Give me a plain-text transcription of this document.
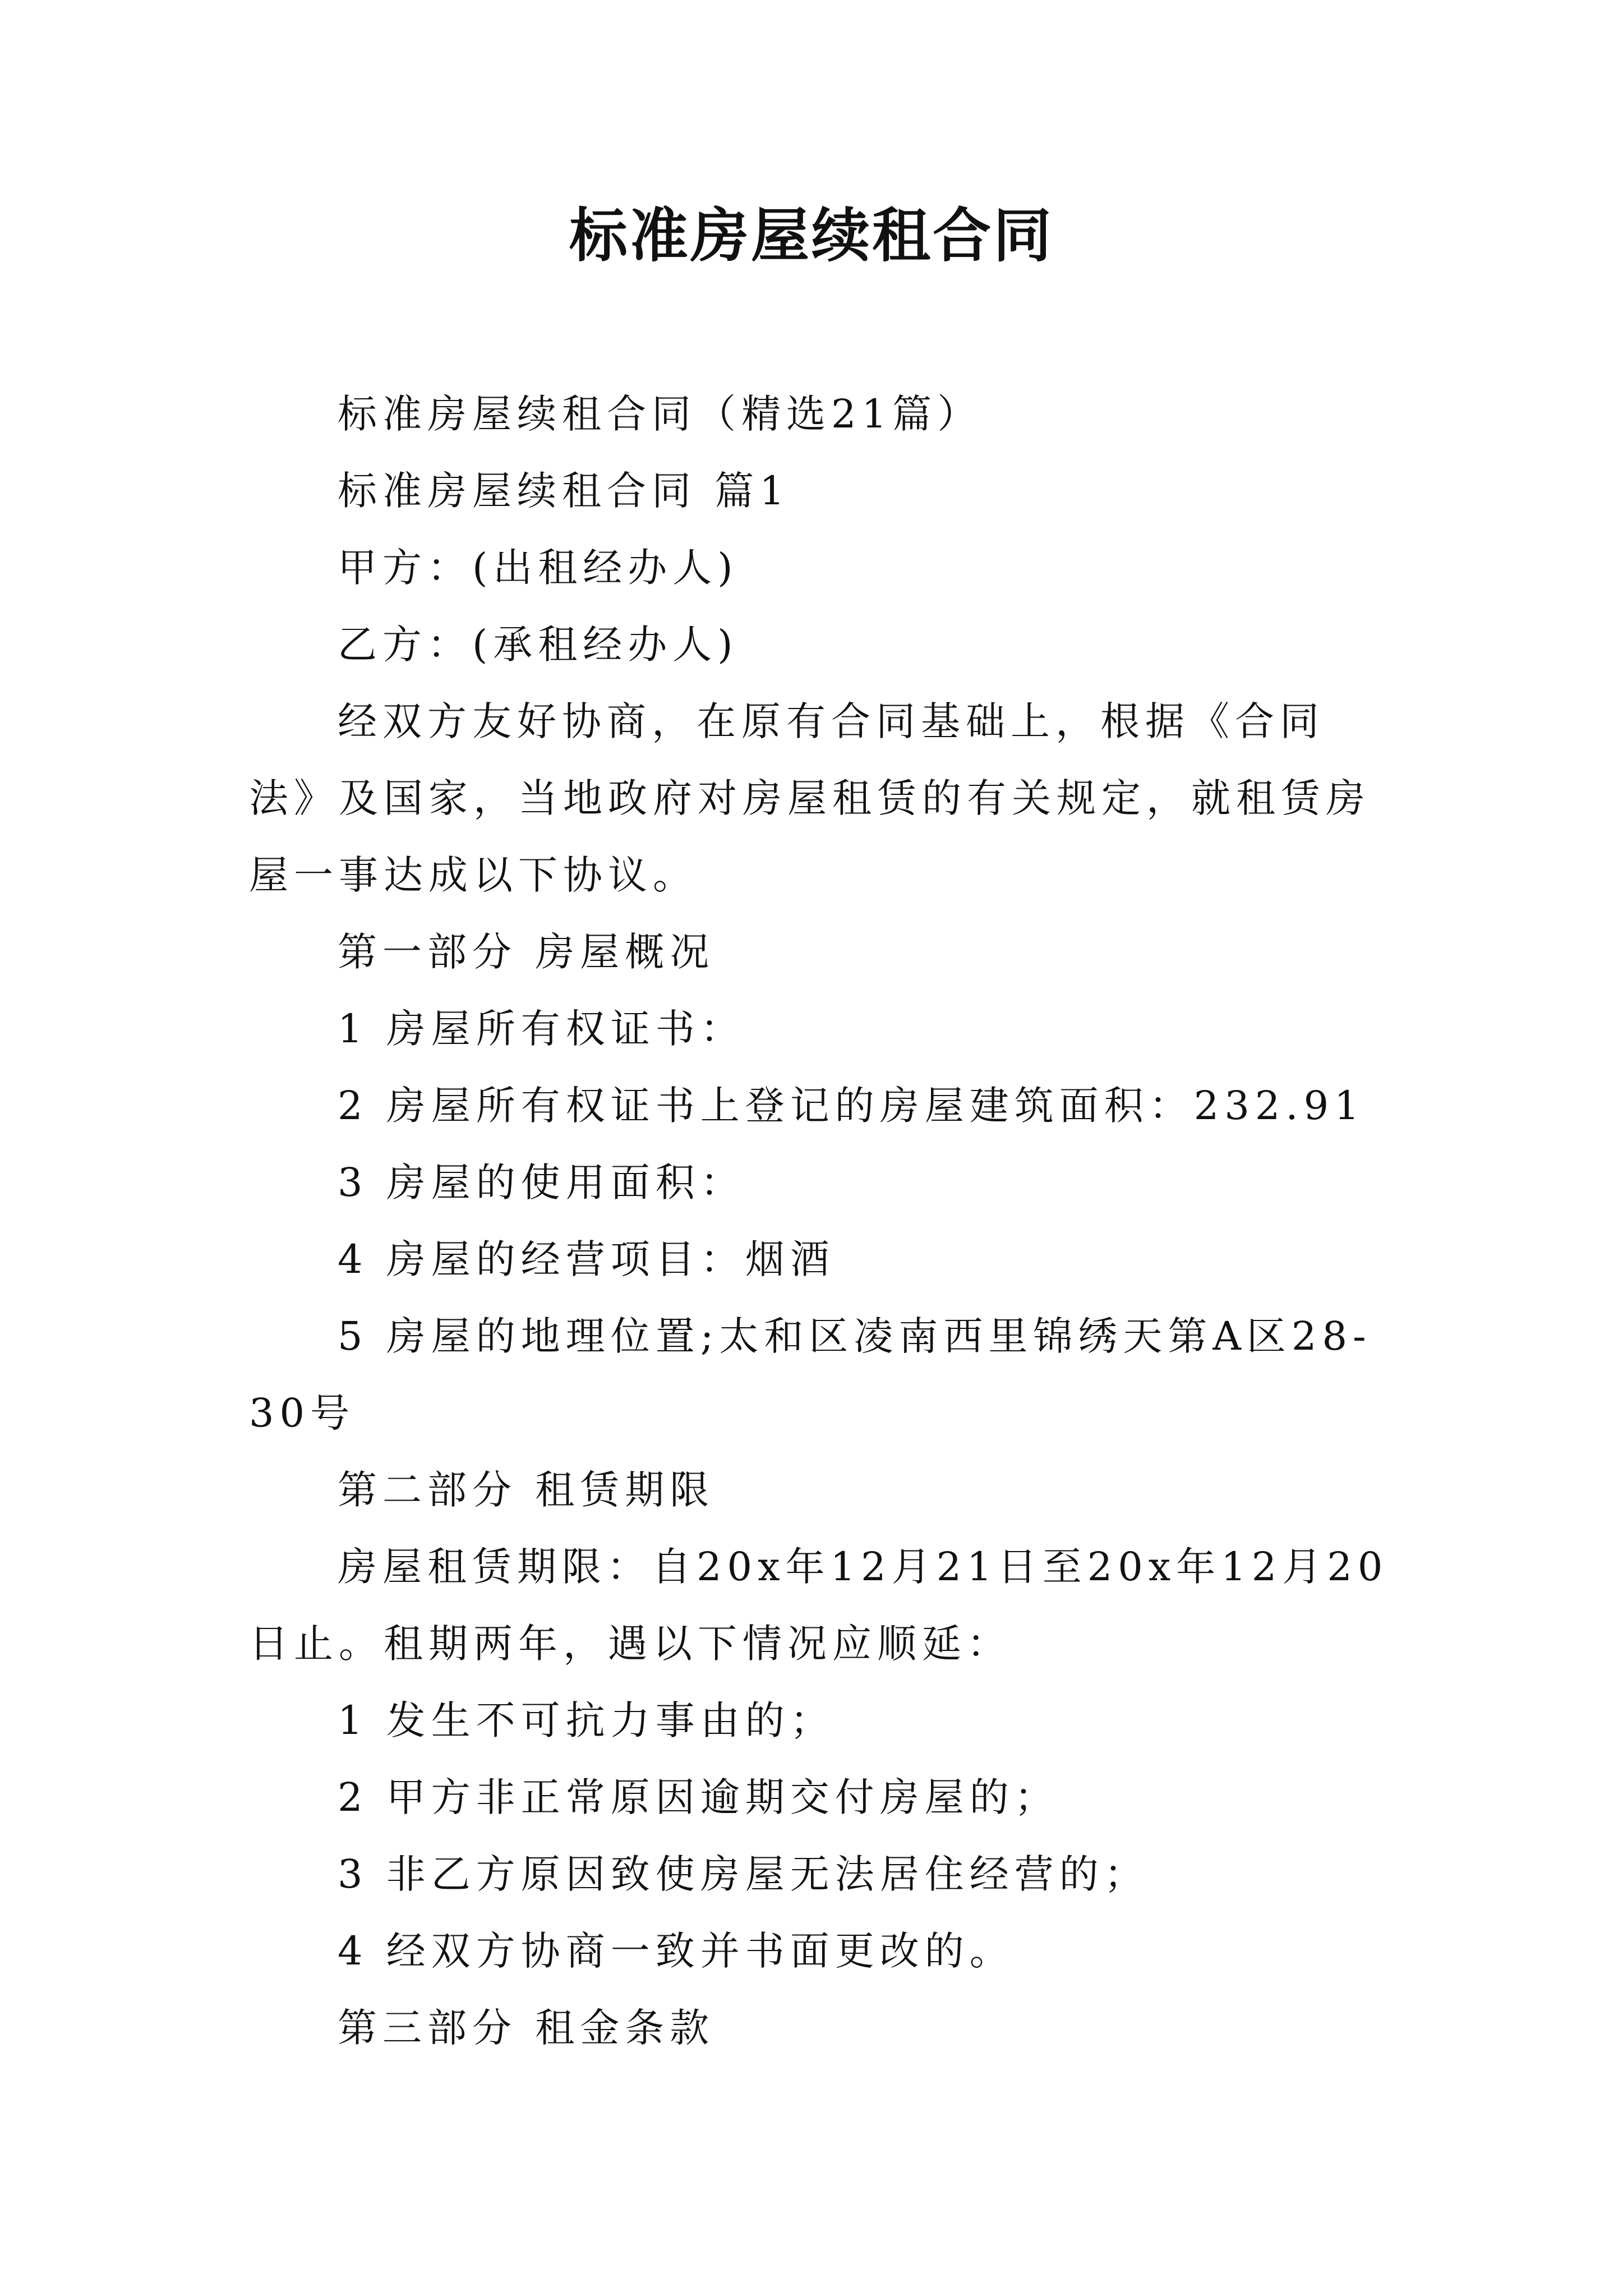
标准房屋续租合同

标准房屋续租合同（精选21篇）

标准房屋续租合同 篇1

甲方：(出租经办人)

乙方：(承租经办人)

经双方友好协商，在原有合同基础上，根据《合同法》及国家，当地政府对房屋租赁的有关规定，就租赁房屋一事达成以下协议。

第一部分 房屋概况

1 房屋所有权证书：

2 房屋所有权证书上登记的房屋建筑面积：232.91

3 房屋的使用面积：

4 房屋的经营项目：烟酒

5 房屋的地理位置;太和区凌南西里锦绣天第A区28-30号

第二部分 租赁期限

房屋租赁期限：自20x年12月21日至20x年12月20日止。租期两年，遇以下情况应顺延：

1 发生不可抗力事由的；

2 甲方非正常原因逾期交付房屋的；

3 非乙方原因致使房屋无法居住经营的；

4 经双方协商一致并书面更改的。

第三部分 租金条款
